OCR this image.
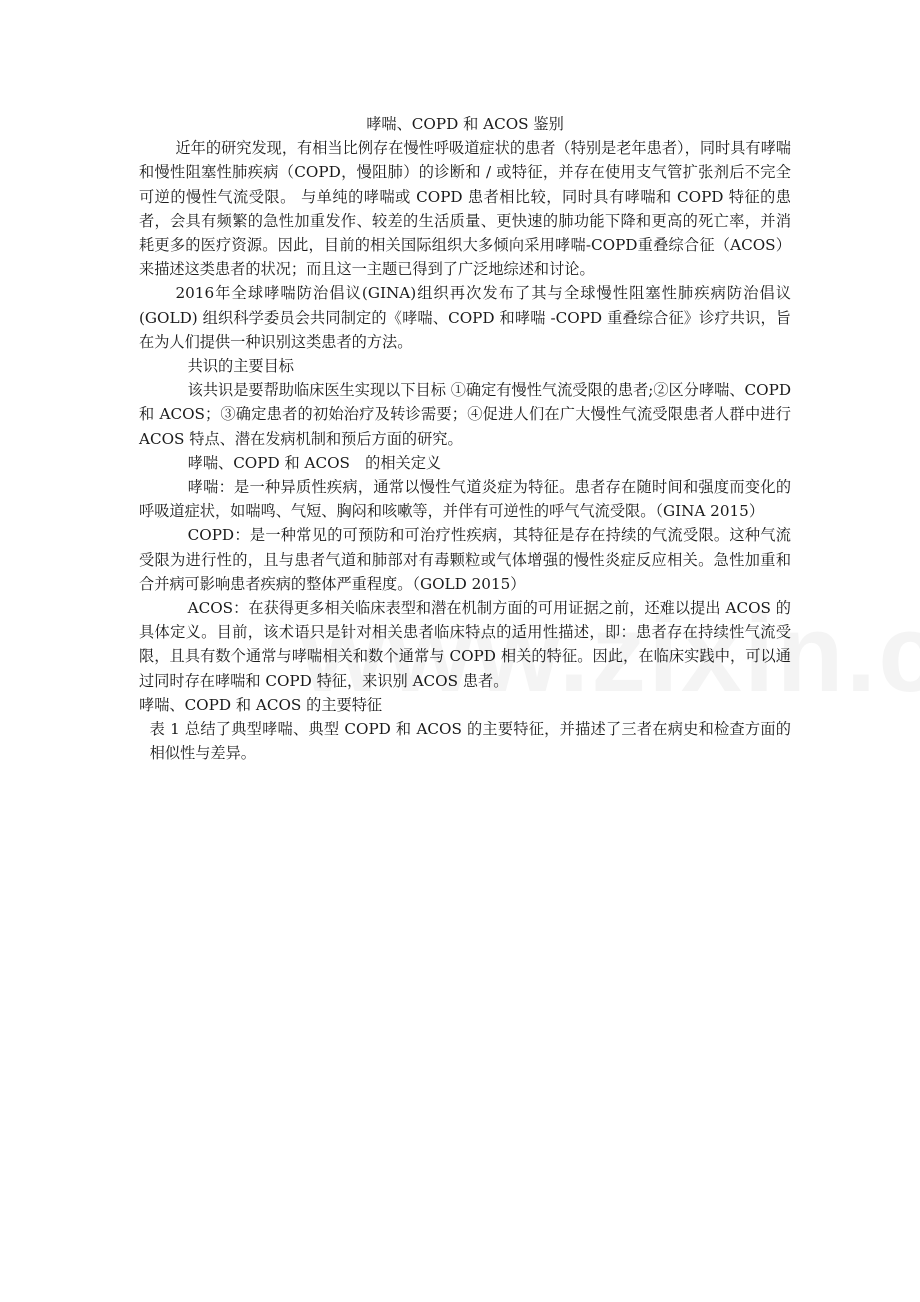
哮喘、COPD 和 ACOS 鉴别

近年的研究发现，有相当比例存在慢性呼吸道症状的患者（特别是老年患者），同时具有哮喘和慢性阻塞性肺疾病（COPD，慢阻肺）的诊断和 / 或特征，并存在使用支气管扩张剂后不完全可逆的慢性气流受限。 与单纯的哮喘或 COPD 患者相比较，同时具有哮喘和 COPD 特征的患者，会具有频繁的急性加重发作、较差的生活质量、更快速的肺功能下降和更高的死亡率，并消耗更多的医疗资源。因此，目前的相关国际组织大多倾向采用哮喘-COPD重叠综合征（ACOS）来描述这类患者的状况；而且这一主题已得到了广泛地综述和讨论。

2016年全球哮喘防治倡议(GINA)组织再次发布了其与全球慢性阻塞性肺疾病防治倡议 (GOLD) 组织科学委员会共同制定的《哮喘、COPD 和哮喘 -COPD 重叠综合征》诊疗共识，旨在为人们提供一种识别这类患者的方法。

共识的主要目标

该共识是要帮助临床医生实现以下目标 ①确定有慢性气流受限的患者;②区分哮喘、COPD 和 ACOS；③确定患者的初始治疗及转诊需要；④促进人们在广大慢性气流受限患者人群中进行 ACOS 特点、潜在发病机制和预后方面的研究。

哮喘、COPD 和 ACOS　的相关定义

哮喘：是一种异质性疾病，通常以慢性气道炎症为特征。患者存在随时间和强度而变化的呼吸道症状，如喘鸣、气短、胸闷和咳嗽等，并伴有可逆性的呼气气流受限。（GINA 2015）

COPD：是一种常见的可预防和可治疗性疾病，其特征是存在持续的气流受限。这种气流受限为进行性的，且与患者气道和肺部对有毒颗粒或气体增强的慢性炎症反应相关。急性加重和合并病可影响患者疾病的整体严重程度。（GOLD 2015）

ACOS：在获得更多相关临床表型和潜在机制方面的可用证据之前，还难以提出 ACOS 的具体定义。目前，该术语只是针对相关患者临床特点的适用性描述，即：患者存在持续性气流受限，且具有数个通常与哮喘相关和数个通常与 COPD 相关的特征。因此，在临床实践中，可以通过同时存在哮喘和 COPD 特征，来识别 ACOS 患者。

哮喘、COPD 和 ACOS 的主要特征

表 1 总结了典型哮喘、典型 COPD 和 ACOS 的主要特征，并描述了三者在病史和检查方面的相似性与差异。
